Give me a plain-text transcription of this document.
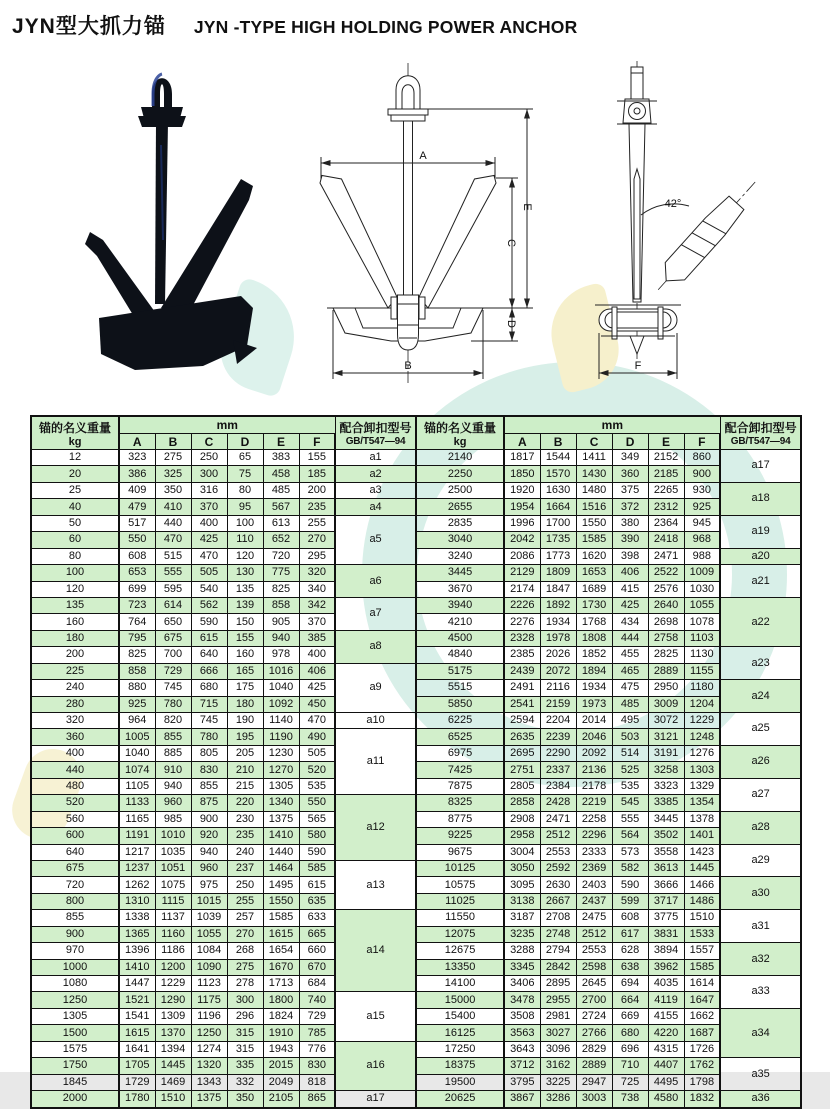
JYN型大抓力锚 JYN -TYPE HIGH HOLDING POWER ANCHOR
A
E
C
D
B
42°
F
锚的名义重量
kg
	mm	配合卸扣型号
GB/T547—94

锚的名义重量
kg
	mm	配合卸扣型号
GB/T547—94

	A	B	C	D	E	F			A	B	C	D	E	F	
12	323	275	250	65	383	155	a1	2140	1817	1544	1411	349	2152	860	a17
20	386	325	300	75	458	185	a2	2250	1850	1570	1430	360	2185	900	
25	409	350	316	80	485	200	a3	2500	1920	1630	1480	375	2265	930	a18
40	479	410	370	95	567	235	a4	2655	1954	1664	1516	372	2312	925	
50	517	440	400	100	613	255	a5	2835	1996	1700	1550	380	2364	945	a19
60	550	470	425	110	652	270		3040	2042	1735	1585	390	2418	968	
80	608	515	470	120	720	295		3240	2086	1773	1620	398	2471	988	a20
100	653	555	505	130	775	320	a6	3445	2129	1809	1653	406	2522	1009	a21
120	699	595	540	135	825	340		3670	2174	1847	1689	415	2576	1030	
135	723	614	562	139	858	342	a7	3940	2226	1892	1730	425	2640	1055	a22
160	764	650	590	150	905	370		4210	2276	1934	1768	434	2698	1078	
180	795	675	615	155	940	385	a8	4500	2328	1978	1808	444	2758	1103	
200	825	700	640	160	978	400		4840	2385	2026	1852	455	2825	1130	a23
225	858	729	666	165	1016	406	a9	5175	2439	2072	1894	465	2889	1155	
240	880	745	680	175	1040	425		5515	2491	2116	1934	475	2950	1180	a24
280	925	780	715	180	1092	450		5850	2541	2159	1973	485	3009	1204	
320	964	820	745	190	1140	470	a10	6225	2594	2204	2014	495	3072	1229	a25
360	1005	855	780	195	1190	490	a11	6525	2635	2239	2046	503	3121	1248	
400	1040	885	805	205	1230	505		6975	2695	2290	2092	514	3191	1276	a26
440	1074	910	830	210	1270	520		7425	2751	2337	2136	525	3258	1303	
480	1105	940	855	215	1305	535		7875	2805	2384	2178	535	3323	1329	a27
520	1133	960	875	220	1340	550	a12	8325	2858	2428	2219	545	3385	1354	
560	1165	985	900	230	1375	565		8775	2908	2471	2258	555	3445	1378	a28
600	1191	1010	920	235	1410	580		9225	2958	2512	2296	564	3502	1401	
640	1217	1035	940	240	1440	590		9675	3004	2553	2333	573	3558	1423	a29
675	1237	1051	960	237	1464	585	a13	10125	3050	2592	2369	582	3613	1445	
720	1262	1075	975	250	1495	615		10575	3095	2630	2403	590	3666	1466	a30
800	1310	1115	1015	255	1550	635		11025	3138	2667	2437	599	3717	1486	
855	1338	1137	1039	257	1585	633	a14	11550	3187	2708	2475	608	3775	1510	a31
900	1365	1160	1055	270	1615	665		12075	3235	2748	2512	617	3831	1533	
970	1396	1186	1084	268	1654	660		12675	3288	2794	2553	628	3894	1557	a32
1000	1410	1200	1090	275	1670	670		13350	3345	2842	2598	638	3962	1585	
1080	1447	1229	1123	278	1713	684		14100	3406	2895	2645	694	4035	1614	a33
1250	1521	1290	1175	300	1800	740	a15	15000	3478	2955	2700	664	4119	1647	
1305	1541	1309	1196	296	1824	729		15400	3508	2981	2724	669	4155	1662	a34
1500	1615	1370	1250	315	1910	785		16125	3563	3027	2766	680	4220	1687	
1575	1641	1394	1274	315	1943	776	a16	17250	3643	3096	2829	696	4315	1726	
1750	1705	1445	1320	335	2015	830		18375	3712	3162	2889	710	4407	1762	a35
1845	1729	1469	1343	332	2049	818		19500	3795	3225	2947	725	4495	1798	
2000	1780	1510	1375	350	2105	865	a17	20625	3867	3286	3003	738	4580	1832	a36
